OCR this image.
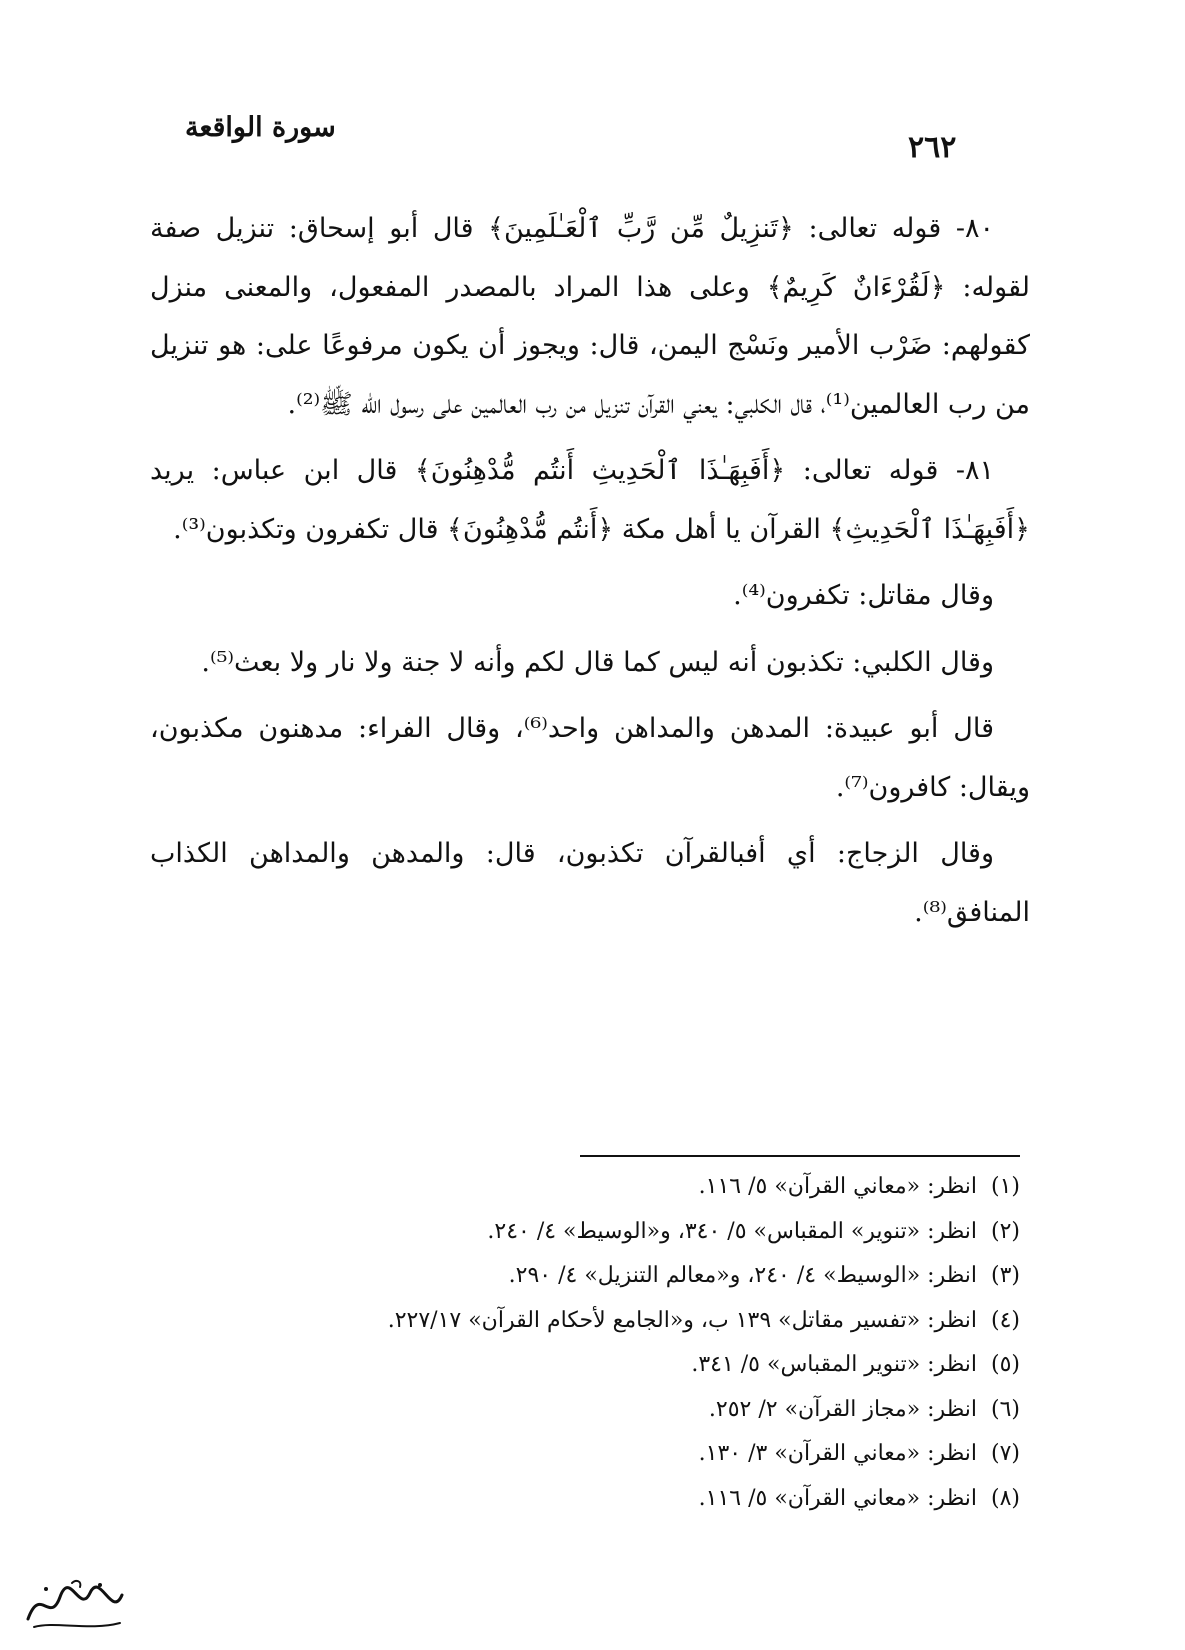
سورة الواقعة
٢٦٢

٨٠- قوله تعالى: ﴿تَنزِيلٌ مِّن رَّبِّ ٱلْعَـٰلَمِينَ﴾ قال أبو إسحاق: تنزيل صفة لقوله: ﴿لَقُرْءَانٌ كَرِيمٌ﴾ وعلى هذا المراد بالمصدر المفعول، والمعنى منزل كقولهم: ضَرْب الأمير ونَسْج اليمن، قال: ويجوز أن يكون مرفوعًا على: هو تنزيل من رب العالمين⁽¹⁾، قال الكلبي: يعني القرآن تنزيل من رب العالمين على رسول الله ﷺ⁽²⁾.

٨١- قوله تعالى: ﴿أَفَبِهَـٰذَا ٱلْحَدِيثِ أَنتُم مُّدْهِنُونَ﴾ قال ابن عباس: يريد ﴿أَفَبِهَـٰذَا ٱلْحَدِيثِ﴾ القرآن يا أهل مكة ﴿أَنتُم مُّدْهِنُونَ﴾ قال تكفرون وتكذبون⁽³⁾.

وقال مقاتل: تكفرون⁽⁴⁾.

وقال الكلبي: تكذبون أنه ليس كما قال لكم وأنه لا جنة ولا نار ولا بعث⁽⁵⁾.

قال أبو عبيدة: المدهن والمداهن واحد⁽⁶⁾، وقال الفراء: مدهنون مكذبون، ويقال: كافرون⁽⁷⁾.

وقال الزجاج: أي أفبالقرآن تكذبون، قال: والمدهن والمداهن الكذاب المنافق⁽⁸⁾.

(١)انظر: «معاني القرآن» ٥/ ١١٦.
(٢)انظر: «تنوير» المقباس» ٥/ ٣٤٠، و«الوسيط» ٤/ ٢٤٠.
(٣)انظر: «الوسيط» ٤/ ٢٤٠، و«معالم التنزيل» ٤/ ٢٩٠.
(٤)انظر: «تفسير مقاتل» ١٣٩ ب، و«الجامع لأحكام القرآن» ٢٢٧/١٧.
(٥)انظر: «تنوير المقباس» ٥/ ٣٤١.
(٦)انظر: «مجاز القرآن» ٢/ ٢٥٢.
(٧)انظر: «معاني القرآن» ٣/ ١٣٠.
(٨)انظر: «معاني القرآن» ٥/ ١١٦.
